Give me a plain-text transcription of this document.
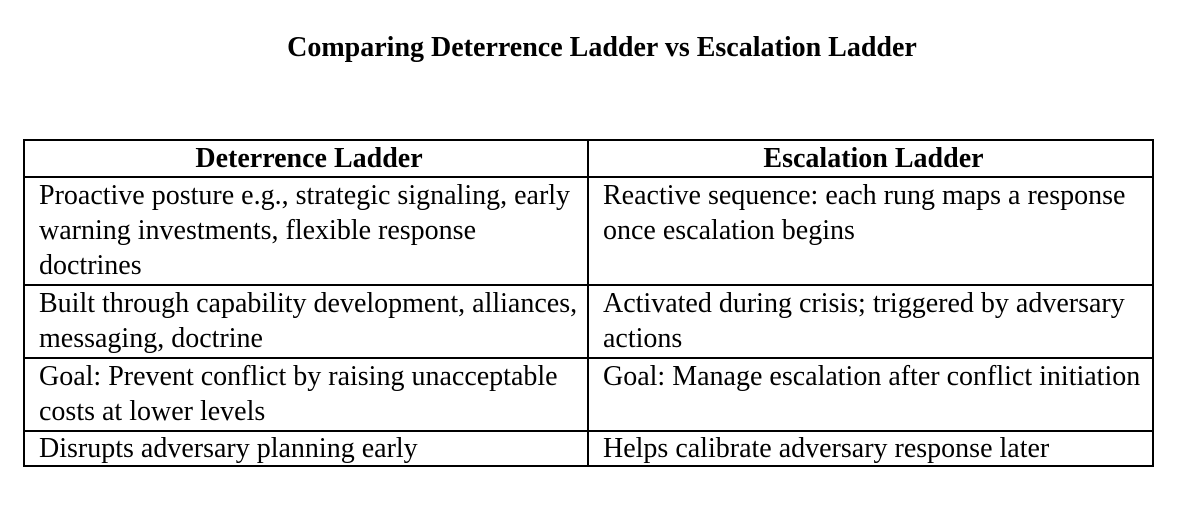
Comparing Deterrence Ladder vs Escalation Ladder
Deterrence Ladder	Escalation Ladder
Proactive posture e.g., strategic signaling, early warning investments, flexible response doctrines	Reactive sequence: each rung maps a response once escalation begins
Built through capability development, alliances, messaging, doctrine	Activated during crisis; triggered by adversary actions
Goal: Prevent conflict by raising unacceptable costs at lower levels	Goal: Manage escalation after conflict initiation
Disrupts adversary planning early	Helps calibrate adversary response later
